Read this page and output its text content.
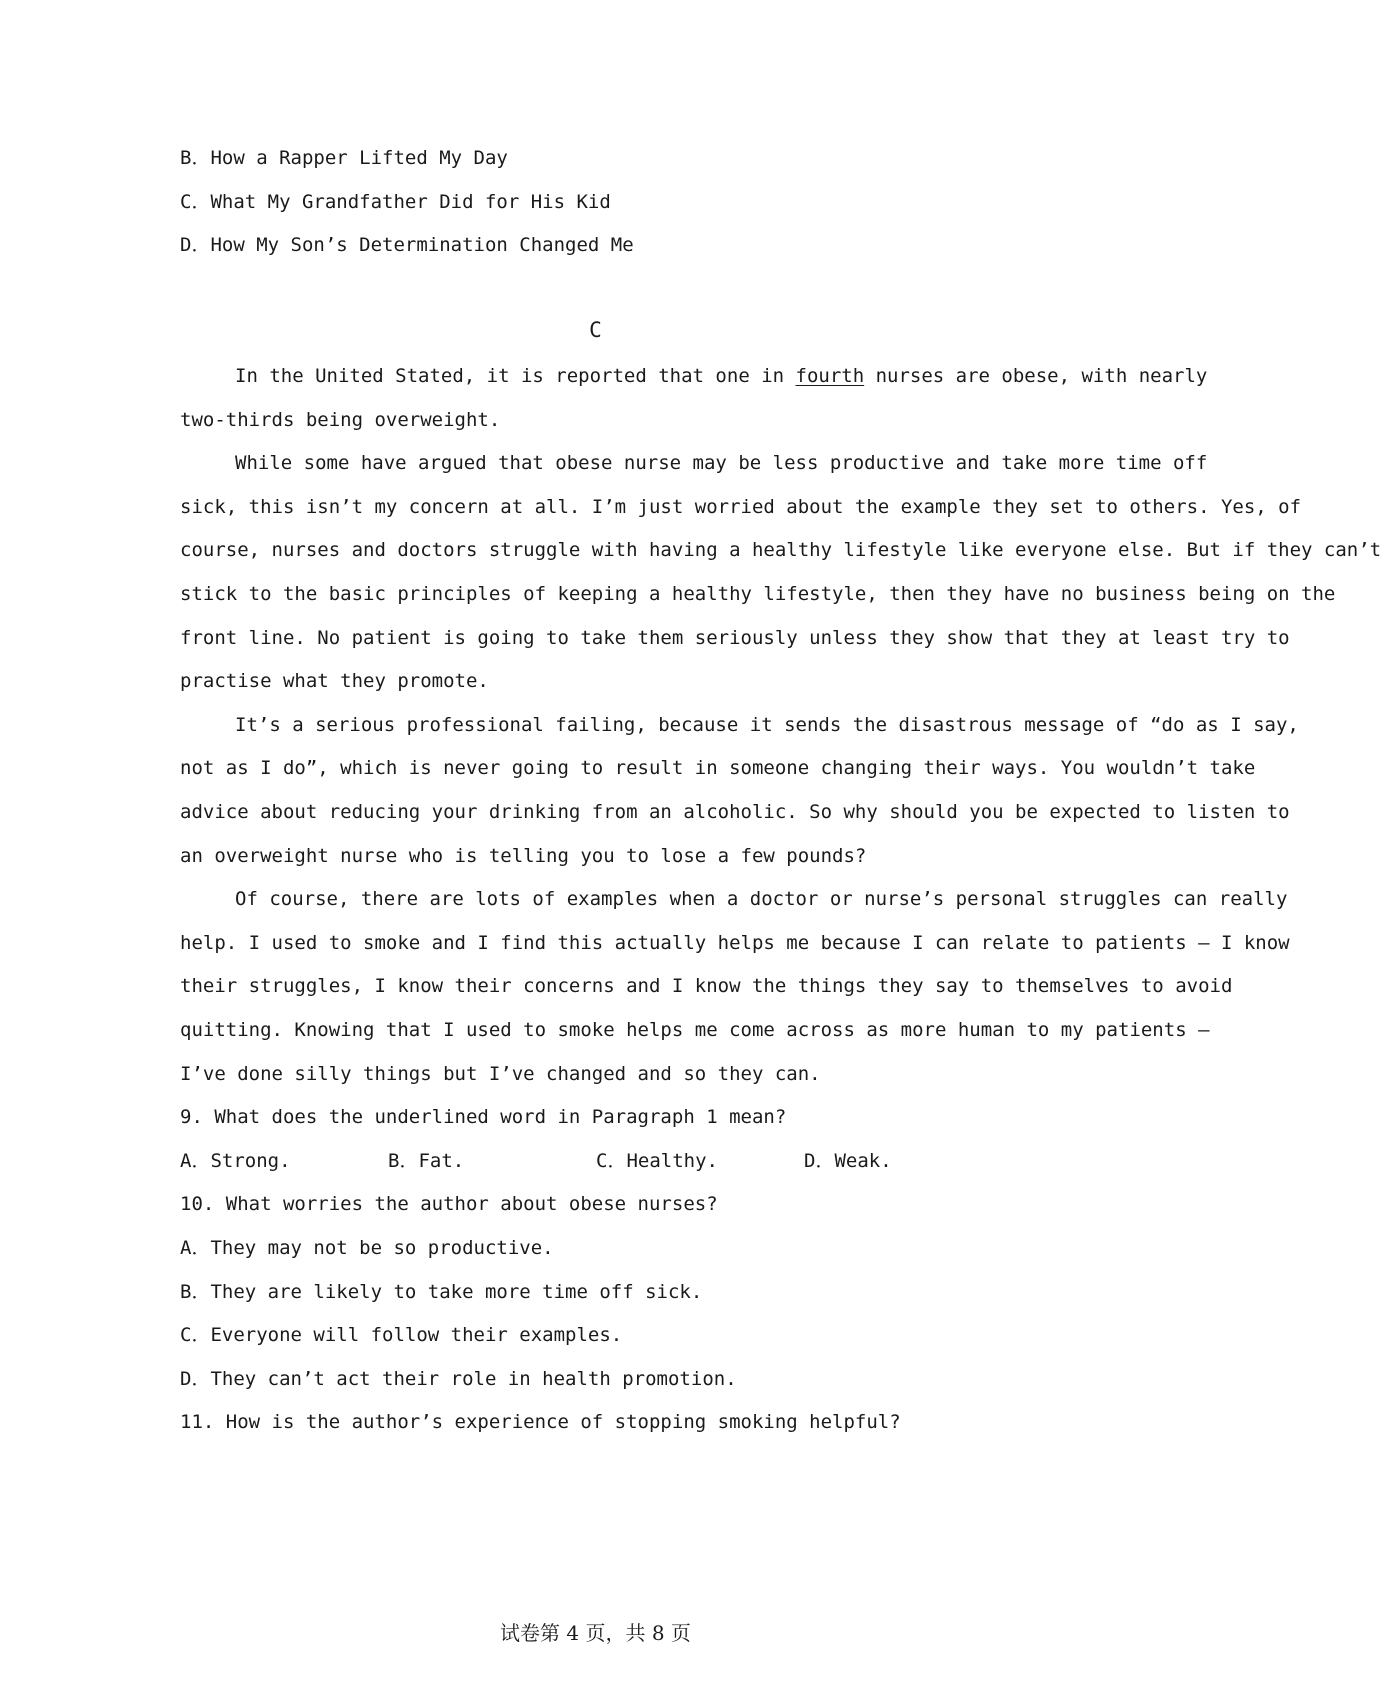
B．How a Rapper Lifted My Day
C．What My Grandfather Did for His Kid
D．How My Son’s Determination Changed Me
C
In the United Stated, it is reported that one in fourth nurses are obese, with nearly
two-thirds being overweight.
While some have argued that obese nurse may be less productive and take more time off
sick, this isn’t my concern at all. I’m just worried about the example they set to others. Yes, of
course, nurses and doctors struggle with having a healthy lifestyle like everyone else. But if they can’t
stick to the basic principles of keeping a healthy lifestyle, then they have no business being on the
front line. No patient is going to take them seriously unless they show that they at least try to
practise what they promote.
It’s a serious professional failing, because it sends the disastrous message of “do as I say,
not as I do”, which is never going to result in someone changing their ways. You wouldn’t take
advice about reducing your drinking from an alcoholic. So why should you be expected to listen to
an overweight nurse who is telling you to lose a few pounds?
Of course, there are lots of examples when a doctor or nurse’s personal struggles can really
help. I used to smoke and I find this actually helps me because I can relate to patients — I know
their struggles, I know their concerns and I know the things they say to themselves to avoid
quitting. Knowing that I used to smoke helps me come across as more human to my patients —
I’ve done silly things but I’ve changed and so they can.
9. What does the underlined word in Paragraph 1 mean?
A．Strong.	B．Fat.	C．Healthy.	D．Weak.
10. What worries the author about obese nurses?
A．They may not be so productive.
B．They are likely to take more time off sick.
C．Everyone will follow their examples.
D．They can’t act their role in health promotion.
11. How is the author’s experience of stopping smoking helpful?
试卷第 4 页，共 8 页
